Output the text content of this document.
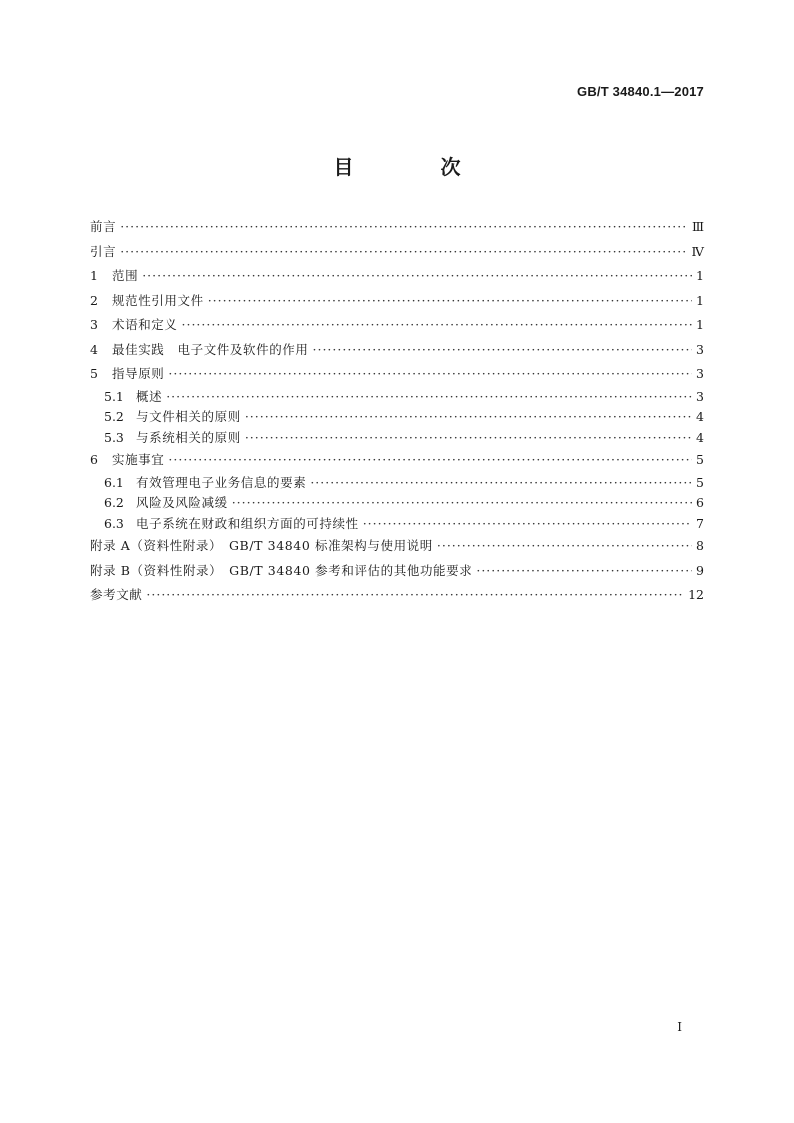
GB/T 34840.1—2017
目 次
前言 ·····	Ⅲ
引言 ·····	Ⅳ
1	范围 ·····	1
2	规范性引用文件 ·····	1
3	术语和定义 ·····	1
4	最佳实践　电子文件及软件的作用 ·····	3
5	指导原则 ·····	3
5.1 概述 ·····	3
5.2 与文件相关的原则 ·····	4
5.3 与系统相关的原则 ·····	4
6	实施事宜 ·····	5
6.1 有效管理电子业务信息的要素 ·····	5
6.2 风险及风险减缓 ·····	6
6.3 电子系统在财政和组织方面的可持续性 ·····	7
附录 A（资料性附录）　GB/T 34840 标准架构与使用说明 ·····	8
附录 B（资料性附录）　GB/T 34840 参考和评估的其他功能要求 ·····	9
参考文献 ·····	12
I
